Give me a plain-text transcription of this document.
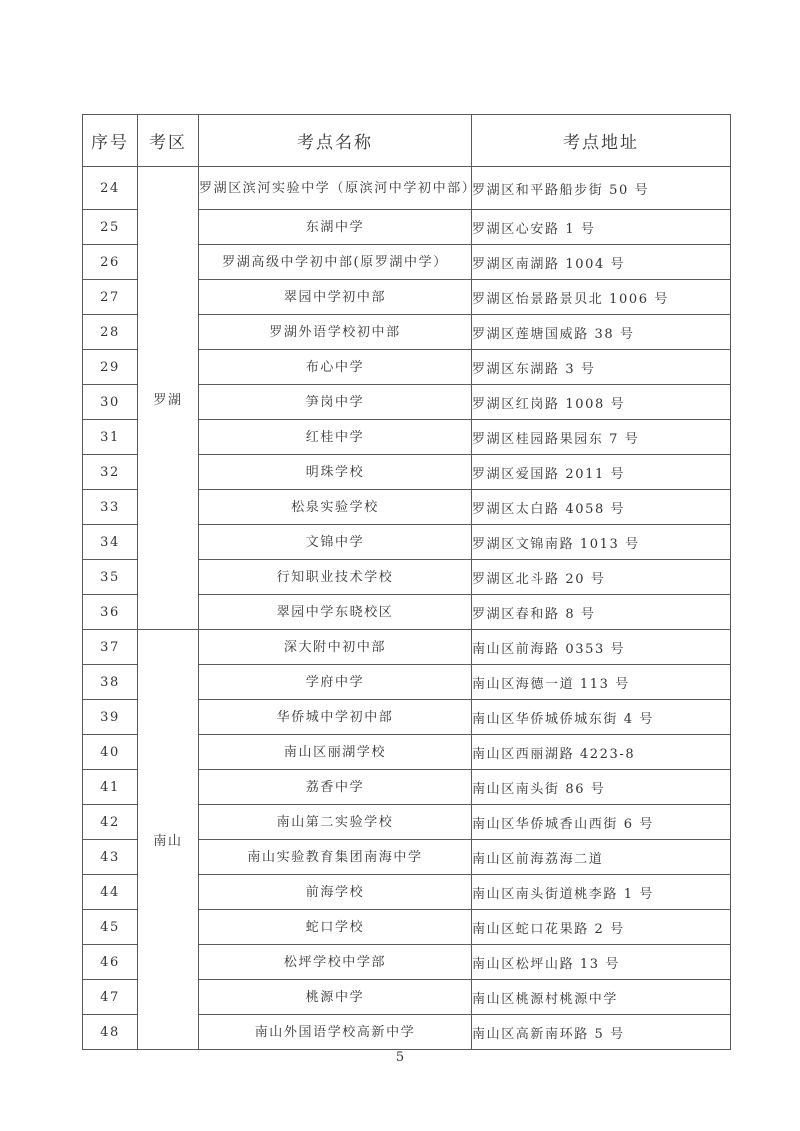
序号	考区	考点名称	考点地址
24	罗湖	罗湖区滨河实验中学（原滨河中学初中部）	罗湖区和平路船步街 50 号
25		东湖中学	罗湖区心安路 1 号
26		罗湖高级中学初中部(原罗湖中学）	罗湖区南湖路 1004 号
27		翠园中学初中部	罗湖区怡景路景贝北 1006 号
28		罗湖外语学校初中部	罗湖区莲塘国威路 38 号
29		布心中学	罗湖区东湖路 3 号
30		笋岗中学	罗湖区红岗路 1008 号
31		红桂中学	罗湖区桂园路果园东 7 号
32		明珠学校	罗湖区爱国路 2011 号
33		松泉实验学校	罗湖区太白路 4058 号
34		文锦中学	罗湖区文锦南路 1013 号
35		行知职业技术学校	罗湖区北斗路 20 号
36		翠园中学东晓校区	罗湖区春和路 8 号
37	南山	深大附中初中部	南山区前海路 0353 号
38		学府中学	南山区海德一道 113 号
39		华侨城中学初中部	南山区华侨城侨城东街 4 号
40		南山区丽湖学校	南山区西丽湖路 4223-8
41		荔香中学	南山区南头街 86 号
42		南山第二实验学校	南山区华侨城香山西街 6 号
43		南山实验教育集团南海中学	南山区前海荔海二道
44		前海学校	南山区南头街道桃李路 1 号
45		蛇口学校	南山区蛇口花果路 2 号
46		松坪学校中学部	南山区松坪山路 13 号
47		桃源中学	南山区桃源村桃源中学
48		南山外国语学校高新中学	南山区高新南环路 5 号
5
